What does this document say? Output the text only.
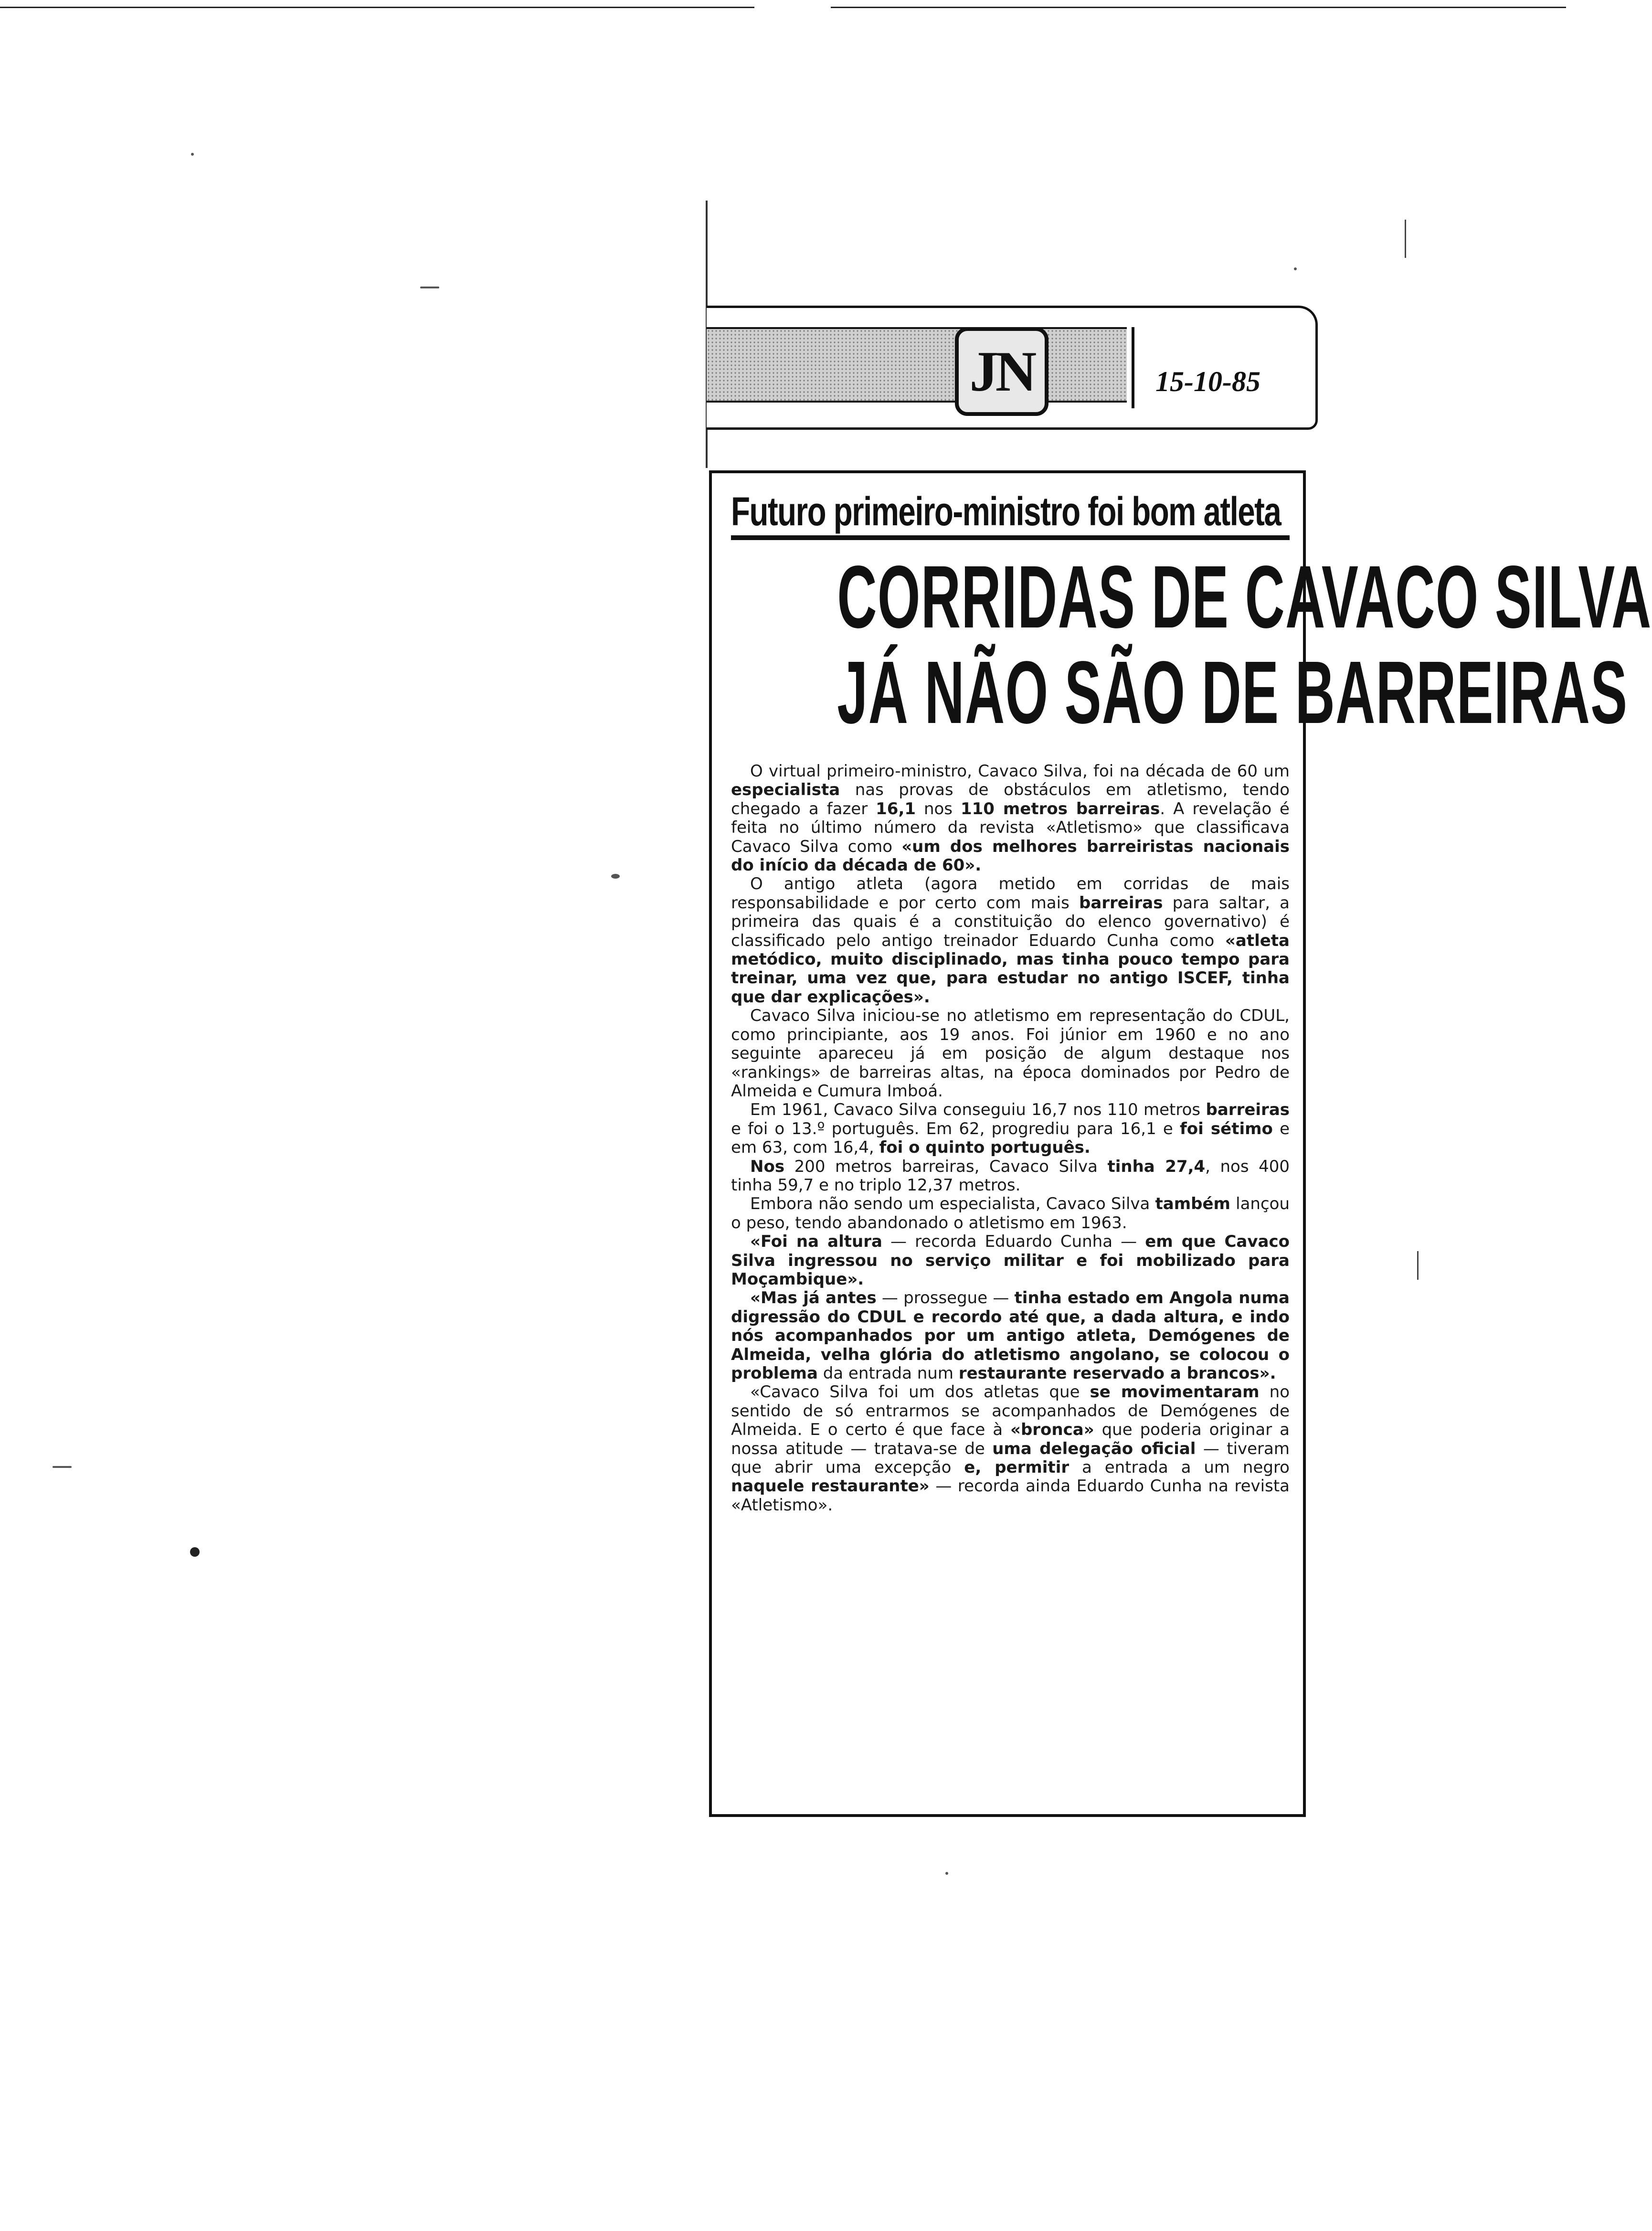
JN	15-10-85
Futuro primeiro-ministro foi bom atleta
CORRIDAS DE CAVACO SILVA
JÁ NÃO SÃO DE BARREIRAS

O virtual primeiro-ministro, Cavaco Silva, foi na década de 60 um especialista nas provas de obstáculos em atletismo, tendo chegado a fazer 16,1 nos 110 metros barreiras. A revelação é feita no último número da revista «Atletismo» que classificava Cavaco Silva como «um dos melhores barreiristas nacionais do início da década de 60».

O antigo atleta (agora metido em corridas de mais responsabilidade e por certo com mais barreiras para saltar, a primeira das quais é a constituição do elenco governativo) é classificado pelo antigo treinador Eduardo Cunha como «atleta metódico, muito disciplinado, mas tinha pouco tempo para treinar, uma vez que, para estudar no antigo ISCEF, tinha que dar explicações».

Cavaco Silva iniciou-se no atletismo em representação do CDUL, como principiante, aos 19 anos. Foi júnior em 1960 e no ano seguinte apareceu já em posição de algum destaque nos «rankings» de barreiras altas, na época dominados por Pedro de Almeida e Cumura Imboá.

Em 1961, Cavaco Silva conseguiu 16,7 nos 110 metros barreiras e foi o 13.º português. Em 62, progrediu para 16,1 e foi sétimo e em 63, com 16,4, foi o quinto português.

Nos 200 metros barreiras, Cavaco Silva tinha 27,4, nos 400 tinha 59,7 e no triplo 12,37 metros.

Embora não sendo um especialista, Cavaco Silva também lançou o peso, tendo abandonado o atletismo em 1963.

«Foi na altura — recorda Eduardo Cunha — em que Cavaco Silva ingressou no serviço militar e foi mobilizado para Moçambique».

«Mas já antes — prossegue — tinha estado em Angola numa digressão do CDUL e recordo até que, a dada altura, e indo nós acompanhados por um antigo atleta, Demógenes de Almeida, velha glória do atletismo angolano, se colocou o problema da entrada num restaurante reservado a brancos».

«Cavaco Silva foi um dos atletas que se movimentaram no sentido de só entrarmos se acompanhados de Demógenes de Almeida. E o certo é que face à «bronca» que poderia originar a nossa atitude — tratava-se de uma delegação oficial — tiveram que abrir uma excepção e, permitir a entrada a um negro naquele restaurante» — recorda ainda Eduardo Cunha na revista «Atletismo».
